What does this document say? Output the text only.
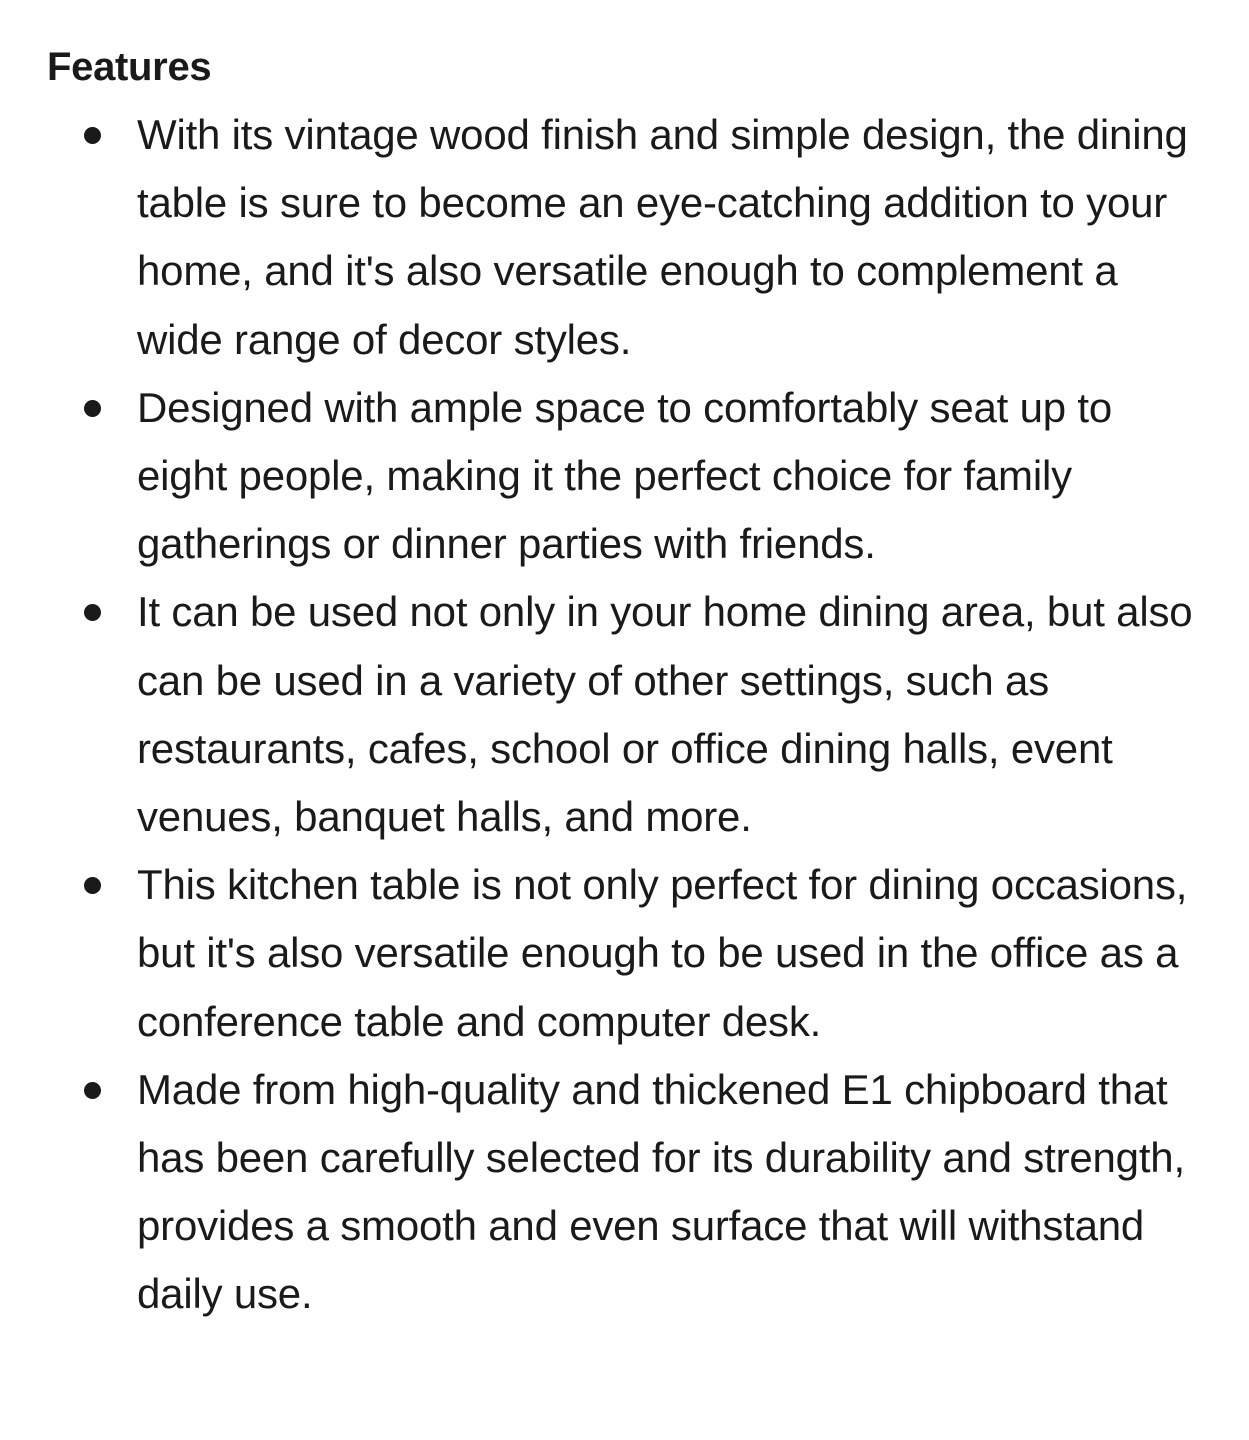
Features
With its vintage wood finish and simple design, the dining table is sure to become an eye-catching addition to your home, and it's also versatile enough to complement a wide range of decor styles.
Designed with ample space to comfortably seat up to eight people, making it the perfect choice for family gatherings or dinner parties with friends.
It can be used not only in your home dining area, but also can be used in a variety of other settings, such as restaurants, cafes, school or office dining halls, event venues, banquet halls, and more.
This kitchen table is not only perfect for dining occasions, but it's also versatile enough to be used in the office as a conference table and computer desk.
Made from high-quality and thickened E1 chipboard that has been carefully selected for its durability and strength, provides a smooth and even surface that will withstand daily use.
